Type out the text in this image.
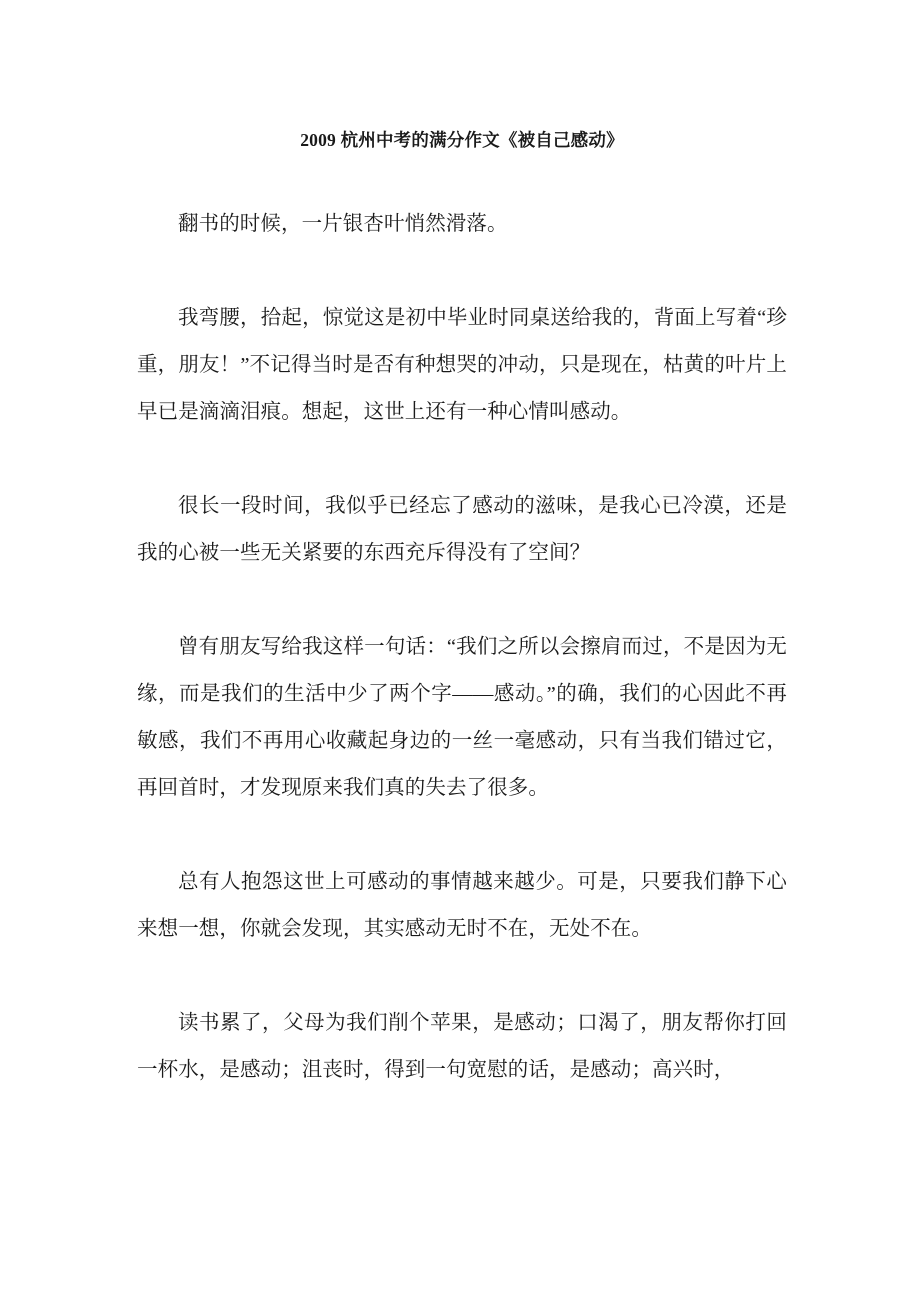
2009 杭州中考的满分作文《被自己感动》

翻书的时候，一片银杏叶悄然滑落。

我弯腰，拾起，惊觉这是初中毕业时同桌送给我的，背面上写着“珍重，朋友！”不记得当时是否有种想哭的冲动，只是现在，枯黄的叶片上早已是滴滴泪痕。想起，这世上还有一种心情叫感动。

很长一段时间，我似乎已经忘了感动的滋味，是我心已冷漠，还是我的心被一些无关紧要的东西充斥得没有了空间？

曾有朋友写给我这样一句话：“我们之所以会擦肩而过，不是因为无缘，而是我们的生活中少了两个字——感动。”的确，我们的心因此不再敏感，我们不再用心收藏起身边的一丝一毫感动，只有当我们错过它，再回首时，才发现原来我们真的失去了很多。

总有人抱怨这世上可感动的事情越来越少。可是，只要我们静下心来想一想，你就会发现，其实感动无时不在，无处不在。

读书累了，父母为我们削个苹果，是感动；口渴了，朋友帮你打回一杯水，是感动；沮丧时，得到一句宽慰的话，是感动；高兴时，
